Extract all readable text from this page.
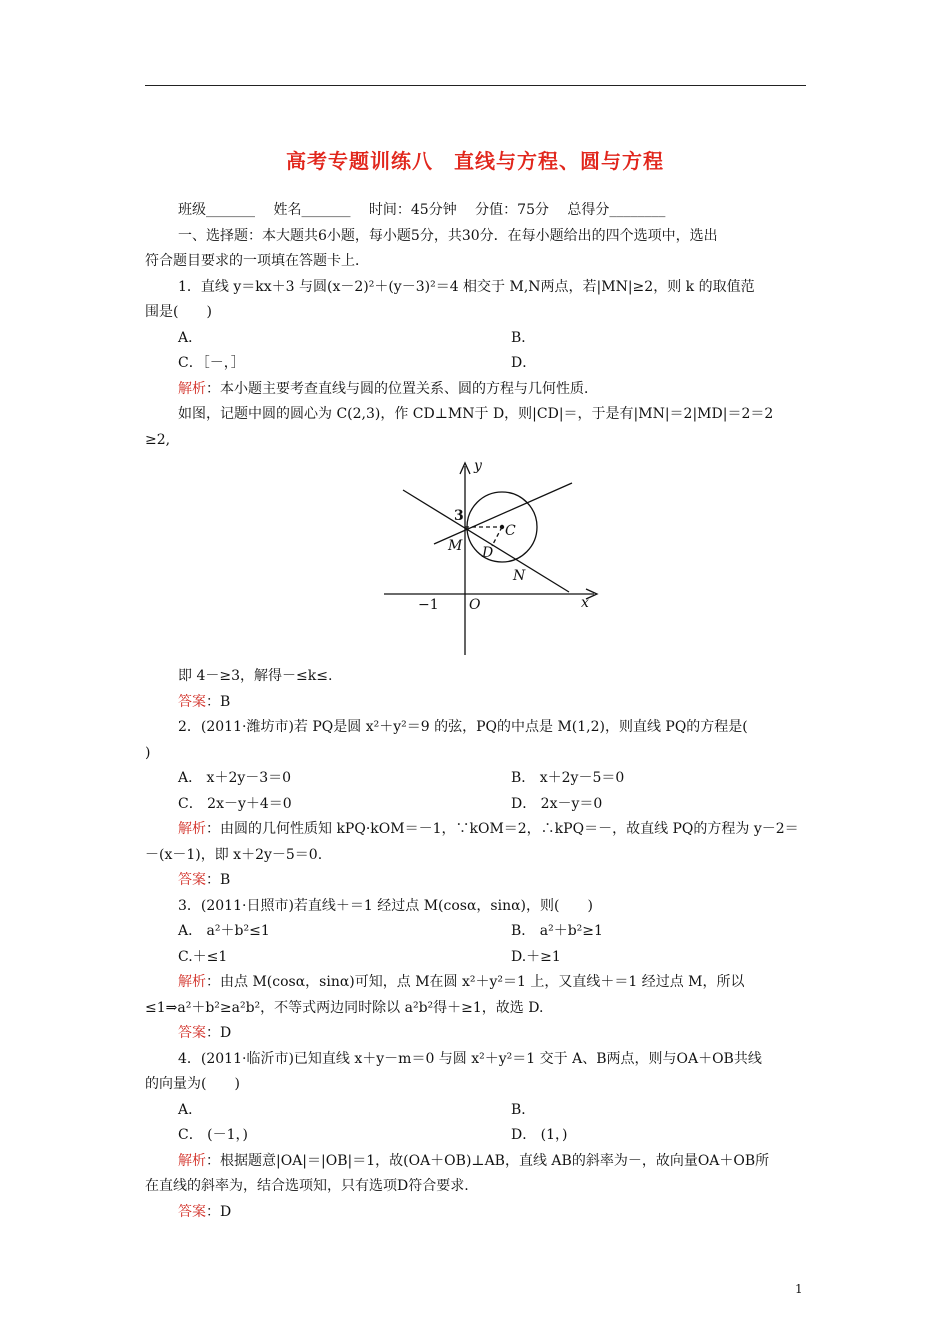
高考专题训练八　直线与方程、圆与方程
班级_______　 姓名_______　 时间：45分钟　 分值：75分　 总得分________
一、选择题：本大题共6小题，每小题5分，共30分．在每小题给出的四个选项中，选出
符合题目要求的一项填在答题卡上．
1．直线 y＝kx＋3 与圆(x－2)²＋(y－3)²＝4 相交于 M,N两点，若|MN|≥2，则 k 的取值范
围是(　　)
A．	B．
C．［－，］	D．
解析：本小题主要考查直线与圆的位置关系、圆的方程与几何性质．
如图，记题中圆的圆心为 C(2,3)，作 CD⊥MN于 D，则|CD|＝，于是有|MN|＝2|MD|＝2＝2
≥2,
y
x
M
C
D
N
O
3
−1
即 4－≥3，解得－≤k≤.
答案：B
2．(2011·潍坊市)若 PQ是圆 x²＋y²＝9 的弦，PQ的中点是 M(1,2)，则直线 PQ的方程是(
)
A． x＋2y－3＝0	B． x＋2y－5＝0
C． 2x－y＋4＝0	D． 2x－y＝0
解析：由圆的几何性质知 kPQ·kOM＝－1，∵kOM＝2，∴kPQ＝－，故直线 PQ的方程为 y－2＝
－(x－1)，即 x＋2y－5＝0.
答案：B
3．(2011·日照市)若直线＋＝1 经过点 M(cosα，sinα)，则(　　)
A． a²＋b²≤1	B． a²＋b²≥1
C.＋≤1	D.＋≥1
解析：由点 M(cosα，sinα)可知，点 M在圆 x²＋y²＝1 上，又直线＋＝1 经过点 M，所以
≤1⇒a²＋b²≥a²b²，不等式两边同时除以 a²b²得＋≥1，故选 D.
答案：D
4．(2011·临沂市)已知直线 x＋y－m＝0 与圆 x²＋y²＝1 交于 A、B两点，则与OA＋OB共线
的向量为(　　)
A．	B．
C． (－1，)	D． (1，)
解析：根据题意|OA|＝|OB|＝1，故(OA＋OB)⊥AB，直线 AB的斜率为－，故向量OA＋OB所
在直线的斜率为，结合选项知，只有选项D符合要求.
答案：D
1
